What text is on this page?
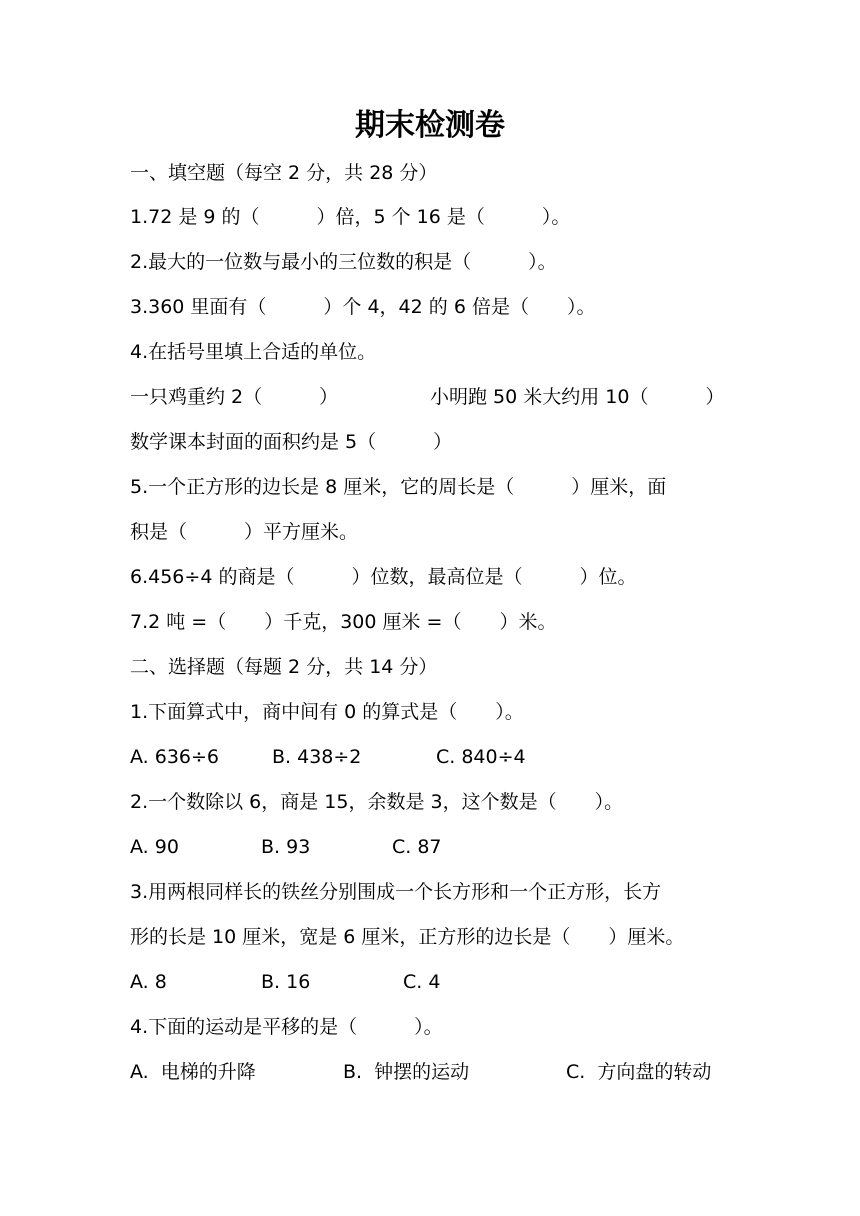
期末检测卷
一、填空题（每空 2 分，共 28 分）
1.72 是 9 的（　　　）倍，5 个 16 是（　　　）。
2.最大的一位数与最小的三位数的积是（　　　）。
3.360 里面有（　　　）个 4，42 的 6 倍是（　　）。
4.在括号里填上合适的单位。
一只鸡重约 2（　　　）	小明跑 50 米大约用 10（　　　）
数学课本封面的面积约是 5（　　　）
5.一个正方形的边长是 8 厘米，它的周长是（　　　）厘米，面
积是（　　　）平方厘米。
6.456÷4 的商是（　　　）位数，最高位是（　　　）位。
7.2 吨 =（　　）千克，300 厘米 =（　　）米。
二、选择题（每题 2 分，共 14 分）
1.下面算式中，商中间有 0 的算式是（　　）。
A. 636÷6	B. 438÷2	C. 840÷4
2.一个数除以 6，商是 15，余数是 3，这个数是（　　）。
A. 90	B. 93	C. 87
3.用两根同样长的铁丝分别围成一个长方形和一个正方形，长方
形的长是 10 厘米，宽是 6 厘米，正方形的边长是（　　）厘米。
A. 8	B. 16	C. 4
4.下面的运动是平移的是（　　　）。
A.  电梯的升降	B.  钟摆的运动	C.  方向盘的转动
